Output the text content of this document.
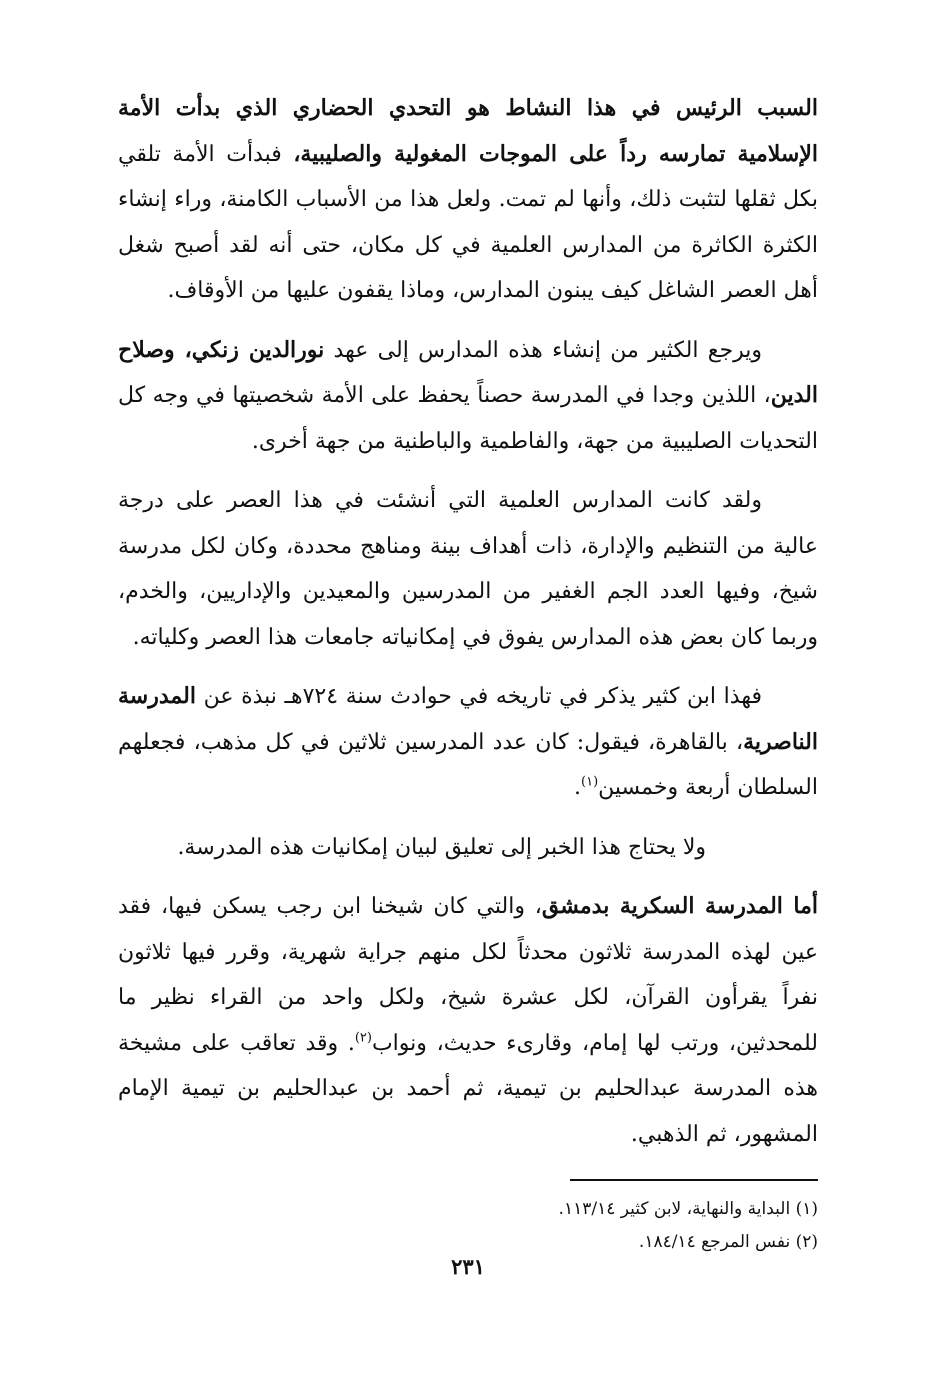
السبب الرئيس في هذا النشاط هو التحدي الحضاري الذي بدأت الأمة الإسلامية تمارسه رداً على الموجات المغولية والصليبية، فبدأت الأمة تلقي بكل ثقلها لتثبت ذلك، وأنها لم تمت. ولعل هذا من الأسباب الكامنة، وراء إنشاء الكثرة الكاثرة من المدارس العلمية في كل مكان، حتى أنه لقد أصبح شغل أهل العصر الشاغل كيف يبنون المدارس، وماذا يقفون عليها من الأوقاف.

ويرجع الكثير من إنشاء هذه المدارس إلى عهد نورالدين زنكي، وصلاح الدين، اللذين وجدا في المدرسة حصناً يحفظ على الأمة شخصيتها في وجه كل التحديات الصليبية من جهة، والفاطمية والباطنية من جهة أخرى.

ولقد كانت المدارس العلمية التي أنشئت في هذا العصر على درجة عالية من التنظيم والإدارة، ذات أهداف بينة ومناهج محددة، وكان لكل مدرسة شيخ، وفيها العدد الجم الغفير من المدرسين والمعيدين والإداريين، والخدم، وربما كان بعض هذه المدارس يفوق في إمكانياته جامعات هذا العصر وكلياته.

فهذا ابن كثير يذكر في تاريخه في حوادث سنة ٧٢٤هـ نبذة عن المدرسة الناصرية، بالقاهرة، فيقول: كان عدد المدرسين ثلاثين في كل مذهب، فجعلهم السلطان أربعة وخمسين$^{(١)}$.

ولا يحتاج هذا الخبر إلى تعليق لبيان إمكانيات هذه المدرسة.

أما المدرسة السكرية بدمشق، والتي كان شيخنا ابن رجب يسكن فيها، فقد عين لهذه المدرسة ثلاثون محدثاً لكل منهم جراية شهرية، وقرر فيها ثلاثون نفراً يقرأون القرآن، لكل عشرة شيخ، ولكل واحد من القراء نظير ما للمحدثين، ورتب لها إمام، وقارىء حديث، ونواب$^{(٢)}$. وقد تعاقب على مشيخة هذه المدرسة عبدالحليم بن تيمية، ثم أحمد بن عبدالحليم بن تيمية الإمام المشهور، ثم الذهبي.

(١) البداية والنهاية، لابن كثير ١١٣/١٤.

(٢) نفس المرجع ١٨٤/١٤.

٢٣١
